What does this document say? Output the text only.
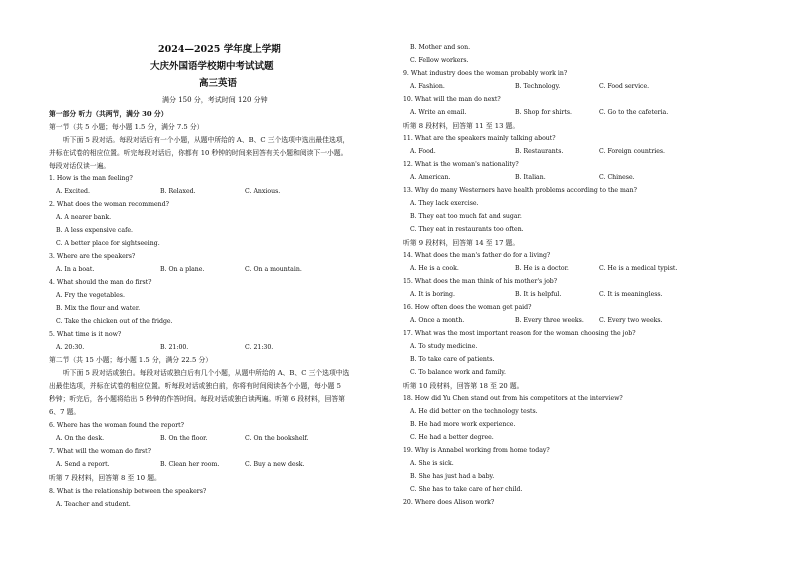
2024—2025 学年度上学期
大庆外国语学校期中考试试题
高三英语
满分 150 分，考试时间 120 分钟
第一部分 听力（共两节，满分 30 分）
第一节（共 5 小题；每小题 1.5 分，满分 7.5 分）
听下面 5 段对话。每段对话后有一个小题，从题中所给的 A、B、C 三个选项中选出最佳选项，
并标在试卷的相应位置。听完每段对话后，你都有 10 秒钟的时间来回答有关小题和阅读下一小题。
每段对话仅读一遍。
1. How is the man feeling?
A. Excited.	B. Relaxed.	C. Anxious.
2. What does the woman recommend?
A. A nearer bank.
B. A less expensive cafe.
C. A better place for sightseeing.
3. Where are the speakers?
A. In a boat.	B. On a plane.	C. On a mountain.
4. What should the man do first?
A. Fry the vegetables.
B. Mix the flour and water.
C. Take the chicken out of the fridge.
5. What time is it now?
A. 20:30.	B. 21:00.	C. 21:30.
第二节（共 15 小题；每小题 1.5 分，满分 22.5 分）
听下面 5 段对话或独白。每段对话或独白后有几个小题，从题中所给的 A、B、C 三个选项中选
出最佳选项，并标在试卷的相应位置。听每段对话或独白前，你将有时间阅读各个小题，每小题 5
秒钟；听完后，各小题将给出 5 秒钟的作答时间。每段对话或独白读两遍。听第 6 段材料，回答第
6、7 题。
6. Where has the woman found the report?
A. On the desk.	B. On the floor.	C. On the bookshelf.
7. What will the woman do first?
A. Send a report.	B. Clean her room.	C. Buy a new desk.
听第 7 段材料，回答第 8 至 10 题。
8. What is the relationship between the speakers?
A. Teacher and student.
B. Mother and son.
C. Fellow workers.
9. What industry does the woman probably work in?
A. Fashion.	B. Technology.	C. Food service.
10. What will the man do next?
A. Write an email.	B. Shop for shirts.	C. Go to the cafeteria.
听第 8 段材料，回答第 11 至 13 题。
11. What are the speakers mainly talking about?
A. Food.	B. Restaurants.	C. Foreign countries.
12. What is the woman's nationality?
A. American.	B. Italian.	C. Chinese.
13. Why do many Westerners have health problems according to the man?
A. They lack exercise.
B. They eat too much fat and sugar.
C. They eat in restaurants too often.
听第 9 段材料，回答第 14 至 17 题。
14. What does the man's father do for a living?
A. He is a cook.	B. He is a doctor.	C. He is a medical typist.
15. What does the man think of his mother's job?
A. It is boring.	B. It is helpful.	C. It is meaningless.
16. How often does the woman get paid?
A. Once a month.	B. Every three weeks. C. Every two weeks.
17. What was the most important reason for the woman choosing the job?
A. To study medicine.
B. To take care of patients.
C. To balance work and family.
听第 10 段材料，回答第 18 至 20 题。
18. How did Yu Chen stand out from his competitors at the interview?
A. He did better on the technology tests.
B. He had more work experience.
C. He had a better degree.
19. Why is Annabel working from home today?
A. She is sick.
B. She has just had a baby.
C. She has to take care of her child.
20. Where does Alison work?
